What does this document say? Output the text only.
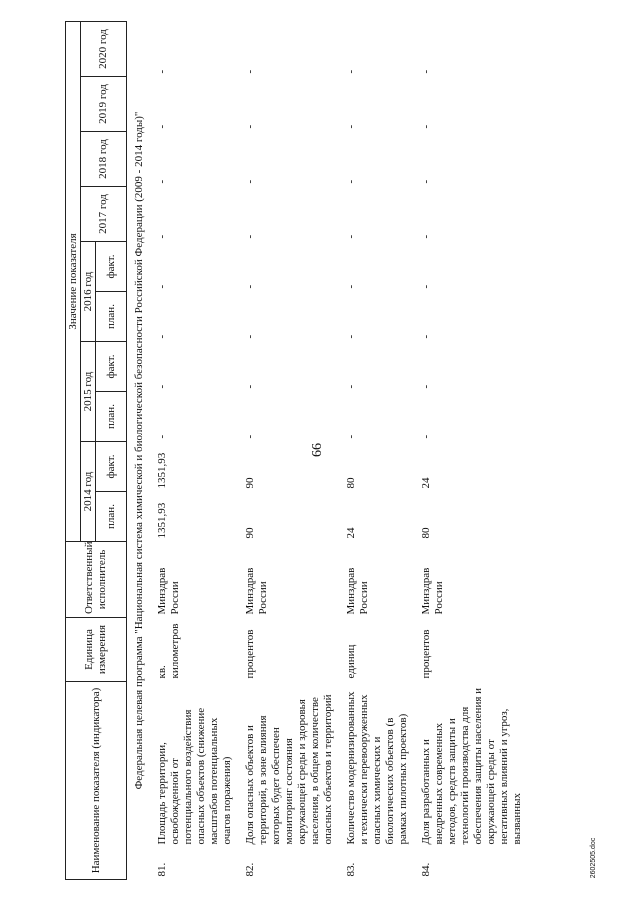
66
Наименование показателя (индикатора)		Единица измерения	Ответственный исполнитель	Значение показателя									
				2014 год		2015 год		2016 год		2017 год	2018 год	2019 год	2020 год
				план.	факт.	план.	факт.	план.	факт.				
Федеральная целевая программа "Национальная система химической и биологической безопасности Российской Федерации (2009 - 2014 годы)"													
81.	Площадь территории, освобожденной от потенциального воздействия опасных объектов (снижение масштабов потенциальных очагов поражения)	кв. километров	Минздрав России	1351,93	1351,93	-	-	-	-	-	-	-	-
82.	Доля опасных объектов и территорий, в зоне влияния которых будет обеспечен мониторинг состояния окружающей среды и здоровья населения, в общем количестве опасных объектов и территорий	процентов	Минздрав России	90	90	-	-	-	-	-	-	-	-
83.	Количество модернизированных и технически перевооруженных опасных химических и биологических объектов (в рамках пилотных проектов)	единиц	Минздрав России	24	80	-	-	-	-	-	-	-	-
84.	Доля разработанных и внедренных современных методов, средств защиты и технологий производства для обеспечения защиты населения и окружающей среды от негативных влияний и угроз, вызванных	процентов	Минздрав России	80	24	-	-	-	-	-	-	-	-
2602505.doc
